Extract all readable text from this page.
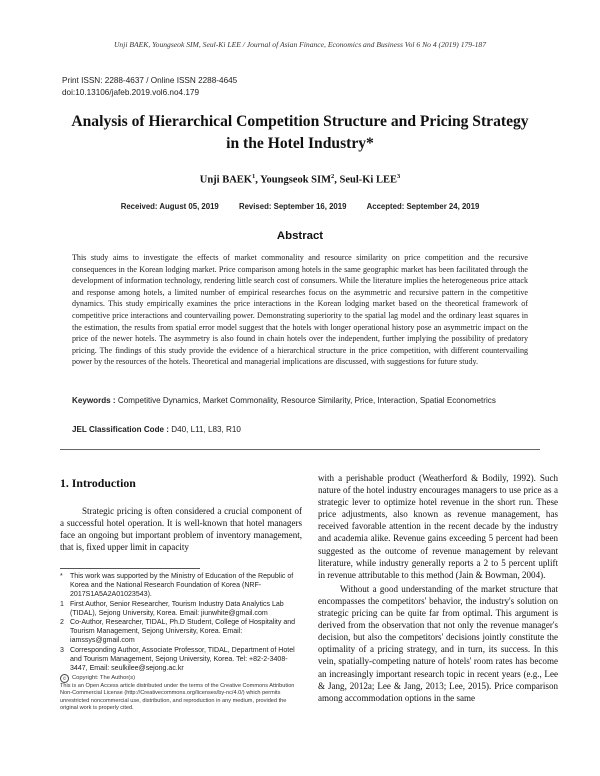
Unji BAEK, Youngseok SIM, Seul-Ki LEE / Journal of Asian Finance, Economics and Business Vol 6 No 4 (2019) 179-187
Print ISSN: 2288-4637 / Online ISSN 2288-4645
doi:10.13106/jafeb.2019.vol6.no4.179
Analysis of Hierarchical Competition Structure and Pricing Strategy
in the Hotel Industry*
Unji BAEK$^1$, Youngseok SIM$^2$, Seul-Ki LEE$^3$
Received: August 05, 2019	Revised: September 16, 2019	Accepted: September 24, 2019
Abstract
This study aims to investigate the effects of market commonality and resource similarity on price competition and the recursive consequences in the Korean lodging market. Price comparison among hotels in the same geographic market has been facilitated through the development of information technology, rendering little search cost of consumers. While the literature implies the heterogeneous price attack and response among hotels, a limited number of empirical researches focus on the asymmetric and recursive pattern in the competitive dynamics. This study empirically examines the price interactions in the Korean lodging market based on the theoretical framework of competitive price interactions and countervailing power. Demonstrating superiority to the spatial lag model and the ordinary least squares in the estimation, the results from spatial error model suggest that the hotels with longer operational history pose an asymmetric impact on the price of the newer hotels. The asymmetry is also found in chain hotels over the independent, further implying the possibility of predatory pricing. The findings of this study provide the evidence of a hierarchical structure in the price competition, with different countervailing power by the resources of the hotels. Theoretical and managerial implications are discussed, with suggestions for future study.
Keywords : Competitive Dynamics, Market Commonality, Resource Similarity, Price, Interaction, Spatial Econometrics
JEL Classification Code : D40, L11, L83, R10
1. Introduction

Strategic pricing is often considered a crucial component of a successful hotel operation. It is well-known that hotel managers face an ongoing but important problem of inventory management, that is, fixed upper limit in capacity

with a perishable product (Weatherford & Bodily, 1992). Such nature of the hotel industry encourages managers to use price as a strategic lever to optimize hotel revenue in the short run. These price adjustments, also known as revenue management, has received favorable attention in the recent decade by the industry and academia alike. Revenue gains exceeding 5 percent had been suggested as the outcome of revenue management by relevant literature, while industry generally reports a 2 to 5 percent uplift in revenue attributable to this method (Jain & Bowman, 2004).

Without a good understanding of the market structure that encompasses the competitors' behavior, the industry's solution on strategic pricing can be quite far from optimal. This argument is derived from the observation that not only the revenue manager's decision, but also the competitors' decisions jointly constitute the optimality of a pricing strategy, and in turn, its success. In this vein, spatially-competing nature of hotels' room rates has become an increasingly important research topic in recent years (e.g., Lee & Jang, 2012a; Lee & Jang, 2013; Lee, 2015). Price comparison among accommodation options in the same

*	This work was supported by the Ministry of Education of the Republic of Korea and the National Research Foundation of Korea (NRF-2017S1A5A2A01023543).
1 First Author, Senior Researcher, Tourism Industry Data Analytics Lab (TIDAL), Sejong University, Korea. Email: jiunwhite@gmail.com
2 Co-Author, Researcher, TIDAL, Ph.D Student, College of Hospitality and Tourism Management, Sejong University, Korea. Email: iamssys@gmail.com
3 Corresponding Author, Associate Professor, TIDAL, Department of Hotel and Tourism Management, Sejong University, Korea. Tel: +82-2-3408-3447, Email: seulkilee@sejong.ac.kr
©	Copyright: The Author(s)
This is an Open Access article distributed under the terms of the Creative Commons Attribution Non-Commercial License (http://Creativecommons.org/licenses/by-nc/4.0/) which permits unrestricted noncommercial use, distribution, and reproduction in any medium, provided the original work is properly cited.
